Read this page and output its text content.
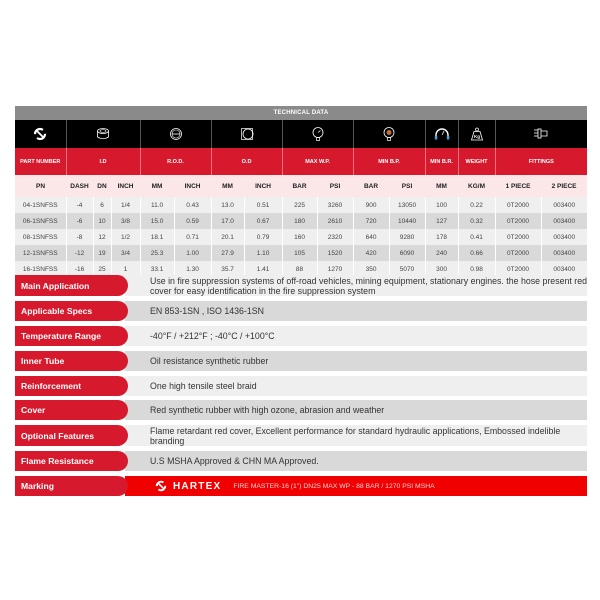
TECHNICAL DATA

Kg

PART NUMBER	I.D			R.O.D.		O.D		MAX W.P.		MIN B.P.		MIN B.R.	WEIGHT	FITTINGS	
PN	DASH	DN	INCH	MM	INCH	MM	INCH	BAR	PSI	BAR	PSI	MM	KG/M	1 PIECE	2 PIECE
04-1SNFSS	-4	6	1/4	11.0	0.43	13.0	0.51	225	3260	900	13050	100	0.22	0T2000	003400
06-1SNFSS	-6	10	3/8	15.0	0.59	17.0	0.67	180	2610	720	10440	127	0.32	0T2000	003400
08-1SNFSS	-8	12	1/2	18.1	0.71	20.1	0.79	160	2320	640	9280	178	0.41	0T2000	003400
12-1SNFSS	-12	19	3/4	25.3	1.00	27.9	1.10	105	1520	420	6090	240	0.66	0T2000	003400
16-1SNFSS	-16	25	1	33.1	1.30	35.7	1.41	88	1270	350	5070	300	0.98	0T2000	003400
Main Application	Use in fire suppression systems of off-road vehicles, mining equipment, stationary engines. the hose present red cover for easy identification in the fire suppression system
Applicable Specs	EN 853-1SN , ISO 1436-1SN
Temperature Range	-40°F / +212°F ; -40°C / +100°C
Inner Tube	Oil resistance synthetic rubber
Reinforcement	One high tensile steel braid
Cover	Red synthetic rubber with high ozone, abrasion and weather
Optional Features	Flame retardant red cover, Excellent performance for standard hydraulic applications, Embossed indelible branding
Flame Resistance	U.S MSHA Approved & CHN MA Approved.
Marking	HARTEX FIRE MASTER-16 (1") DN25 MAX WP - 88 BAR / 1270 PSI MSHA
